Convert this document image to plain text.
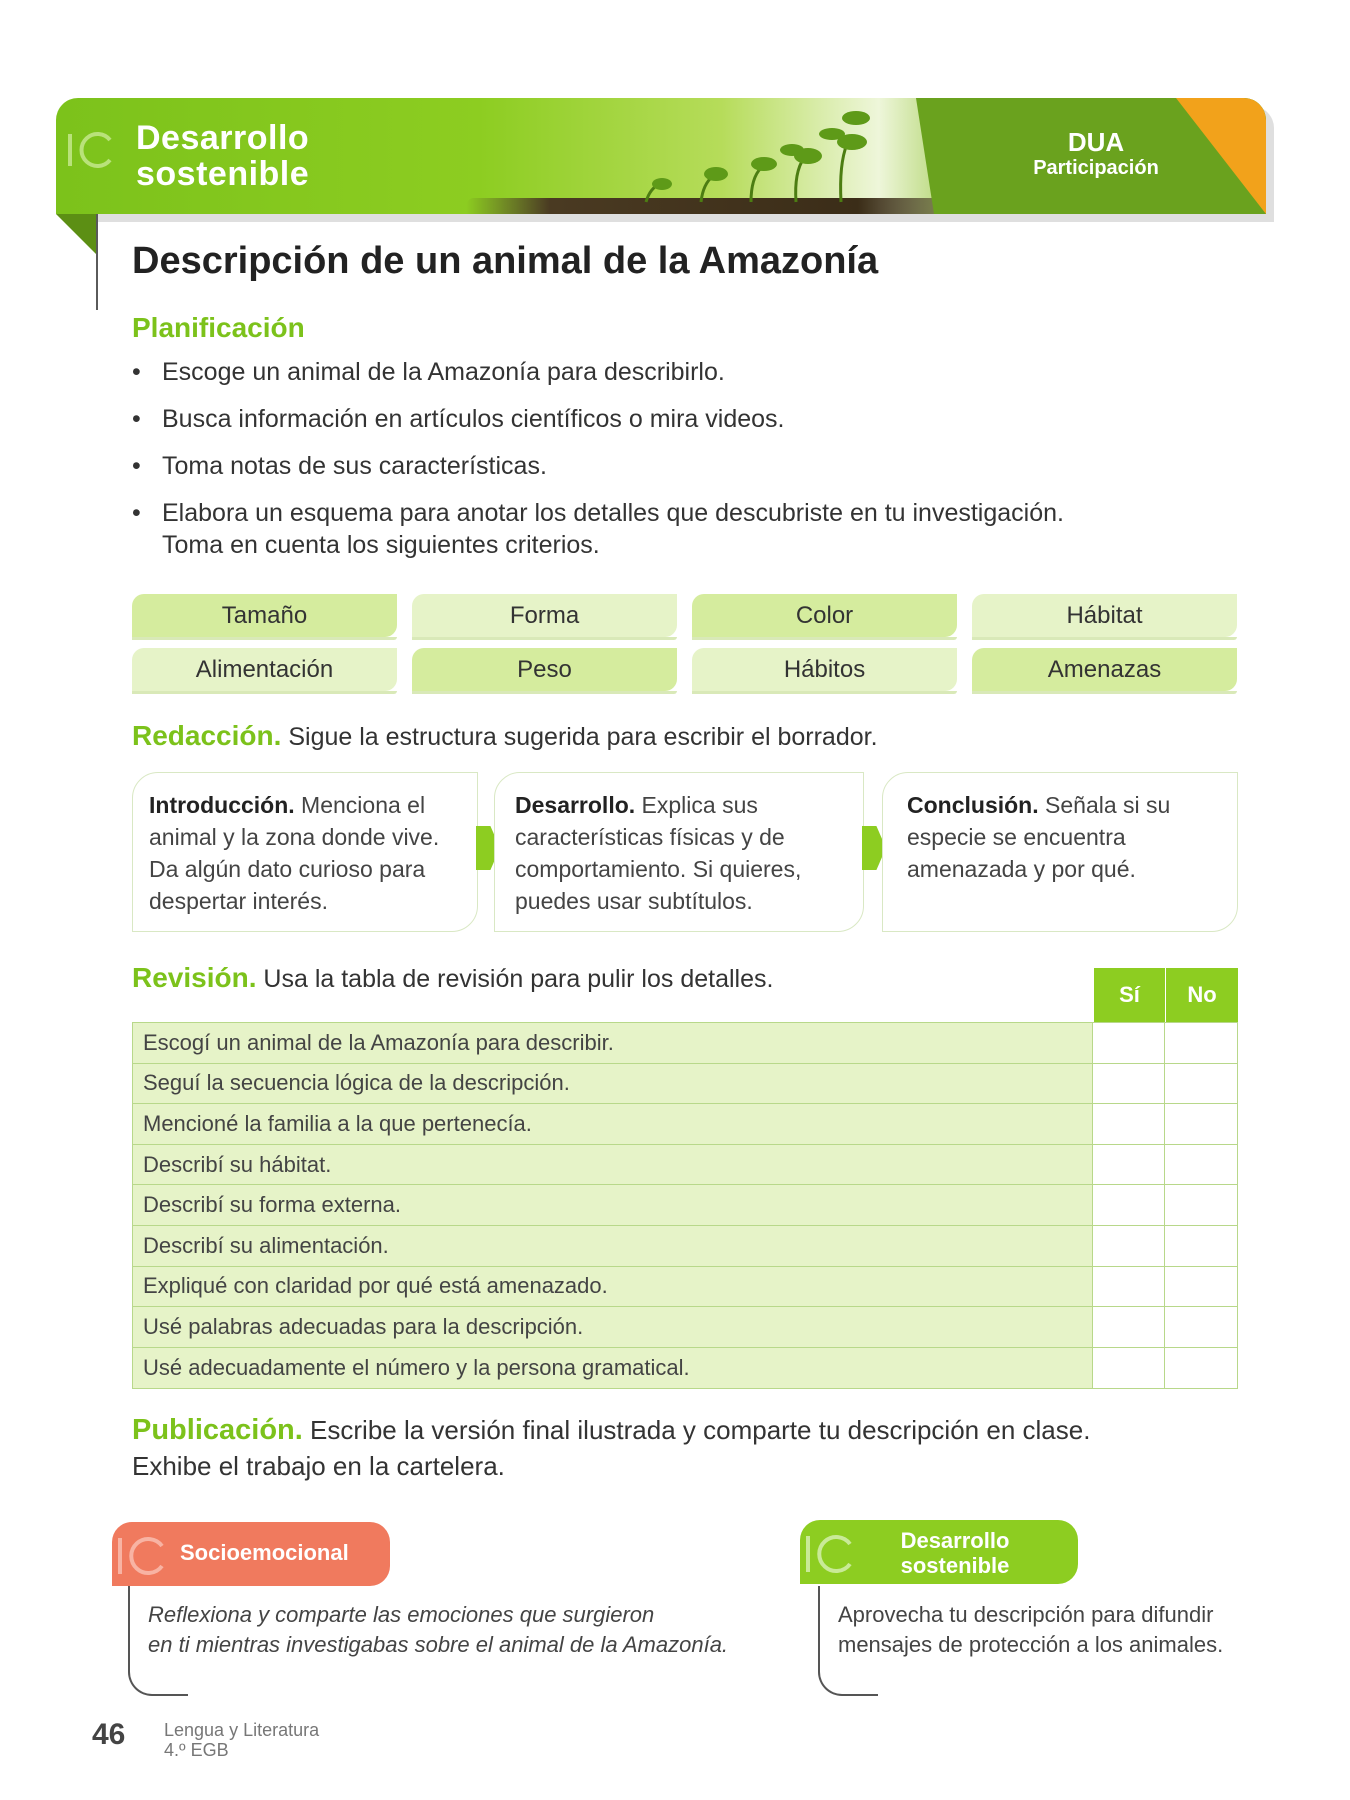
Desarrollo
sostenible
DUA
Participación
Descripción de un animal de la Amazonía
Planificación
• Escoge un animal de la Amazonía para describirlo.
• Busca información en artículos científicos o mira videos.
• Toma notas de sus características.
• Elabora un esquema para anotar los detalles que descubriste en tu investigación. Toma en cuenta los siguientes criterios.
Tamaño	Forma	Color	Hábitat
Alimentación	Peso	Hábitos	Amenazas
Redacción. Sigue la estructura sugerida para escribir el borrador.
Introducción. Menciona el animal y la zona donde vive. Da algún dato curioso para despertar interés.
Desarrollo. Explica sus características físicas y de comportamiento. Si quieres, puedes usar subtítulos.
Conclusión. Señala si su especie se encuentra amenazada y por qué.
Revisión. Usa la tabla de revisión para pulir los detalles.
Sí	No
Escogí un animal de la Amazonía para describir.
Seguí la secuencia lógica de la descripción.
Mencioné la familia a la que pertenecía.
Describí su hábitat.
Describí su forma externa.
Describí su alimentación.
Expliqué con claridad por qué está amenazado.
Usé palabras adecuadas para la descripción.
Usé adecuadamente el número y la persona gramatical.
Publicación. Escribe la versión final ilustrada y comparte tu descripción en clase.
Exhibe el trabajo en la cartelera.
Socioemocional
Reflexiona y comparte las emociones que surgieron
en ti mientras investigabas sobre el animal de la Amazonía.
Desarrollo
sostenible
Aprovecha tu descripción para difundir
mensajes de protección a los animales.
46 Lengua y Literatura
4.º EGB
